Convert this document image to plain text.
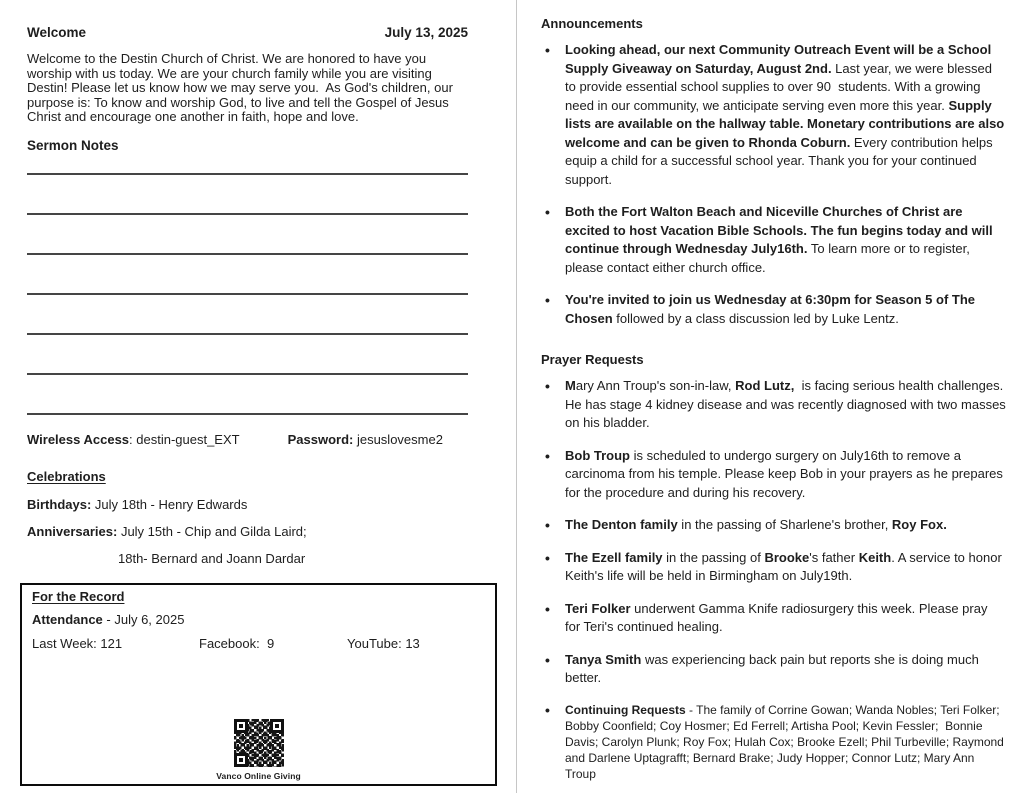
Welcome	July 13, 2025
Welcome to the Destin Church of Christ. We are honored to have you worship with us today. We are your church family while you are visiting Destin! Please let us know how we may serve you.  As God's children, our purpose is: To know and worship God, to live and tell the Gospel of Jesus Christ and encourage one another in faith, hope and love.
Sermon Notes
Wireless Access: destin-guest_EXT	Password: jesuslovesme2
Celebrations
Birthdays: July 18th - Henry Edwards
Anniversaries: July 15th - Chip and Gilda Laird;
18th- Bernard and Joann Dardar
For the Record
Attendance - July 6, 2025
Last Week: 121	Facebook: 9	YouTube: 13
Vanco Online Giving
Announcements
• Looking ahead, our next Community Outreach Event will be a School Supply Giveaway on Saturday, August 2nd. Last year, we were blessed to provide essential school supplies to over 90  students. With a growing need in our community, we anticipate serving even more this year. Supply lists are available on the hallway table. Monetary contributions are also welcome and can be given to Rhonda Coburn. Every contribution helps equip a child for a successful school year. Thank you for your continued support.
• Both the Fort Walton Beach and Niceville Churches of Christ are excited to host Vacation Bible Schools. The fun begins today and will continue through Wednesday July16th. To learn more or to register, please contact either church office.
• You're invited to join us Wednesday at 6:30pm for Season 5 of The Chosen followed by a class discussion led by Luke Lentz.
Prayer Requests
• Mary Ann Troup's son-in-law, Rod Lutz,  is facing serious health challenges. He has stage 4 kidney disease and was recently diagnosed with two masses on his bladder.
• Bob Troup is scheduled to undergo surgery on July16th to remove a carcinoma from his temple. Please keep Bob in your prayers as he prepares for the procedure and during his recovery.
• The Denton family in the passing of Sharlene's brother, Roy Fox.
• The Ezell family in the passing of Brooke's father Keith. A service to honor Keith's life will be held in Birmingham on July19th.
• Teri Folker underwent Gamma Knife radiosurgery this week. Please pray for Teri's continued healing.
• Tanya Smith was experiencing back pain but reports she is doing much better.
• Continuing Requests - The family of Corrine Gowan; Wanda Nobles; Teri Folker; Bobby Coonfield; Coy Hosmer; Ed Ferrell; Artisha Pool; Kevin Fessler;  Bonnie Davis; Carolyn Plunk; Roy Fox; Hulah Cox; Brooke Ezell; Phil Turbeville; Raymond and Darlene Uptagrafft; Bernard Brake; Judy Hopper; Connor Lutz; Mary Ann Troup
